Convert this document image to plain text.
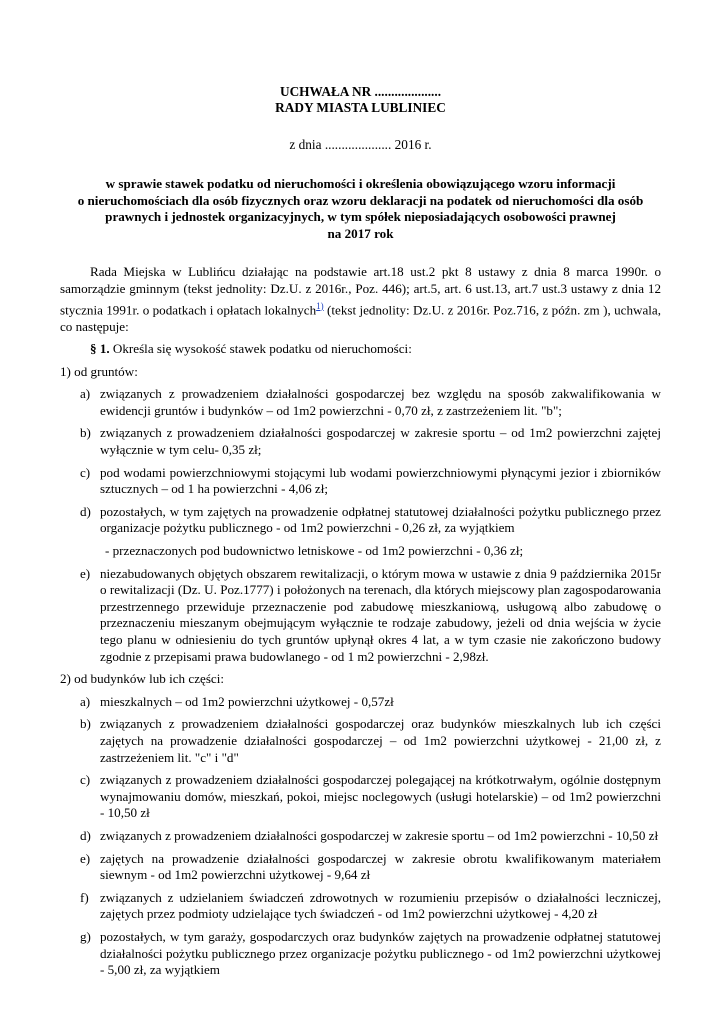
UCHWAŁA NR ....................
RADY MIASTA LUBLINIEC
z dnia .................... 2016 r.
w sprawie stawek podatku od nieruchomości i określenia obowiązującego wzoru informacji
o nieruchomościach dla osób fizycznych oraz wzoru deklaracji na podatek od nieruchomości dla osób
prawnych i jednostek organizacyjnych, w tym spółek nieposiadających osobowości prawnej
na 2017 rok
Rada Miejska w Lublińcu działając na podstawie art.18 ust.2 pkt 8 ustawy z dnia 8 marca 1990r. o samorządzie gminnym (tekst jednolity: Dz.U. z 2016r., Poz. 446); art.5, art. 6 ust.13, art.7 ust.3 ustawy z dnia 12 stycznia 1991r. o podatkach i opłatach lokalnych$^{1)}$ (tekst jednolity: Dz.U. z 2016r. Poz.716, z późn. zm ), uchwala, co następuje:
§ 1. Określa się wysokość stawek podatku od nieruchomości:
1) od gruntów:
a) związanych z prowadzeniem działalności gospodarczej bez względu na sposób zakwalifikowania w ewidencji gruntów i budynków – od 1m2 powierzchni - 0,70 zł, z zastrzeżeniem lit. "b";
b) związanych z prowadzeniem działalności gospodarczej w zakresie sportu – od 1m2 powierzchni zajętej wyłącznie w tym celu- 0,35 zł;
c) pod wodami powierzchniowymi stojącymi lub wodami powierzchniowymi płynącymi jezior i zbiorników sztucznych – od 1 ha powierzchni - 4,06 zł;
d) pozostałych, w tym zajętych na prowadzenie odpłatnej statutowej działalności pożytku publicznego przez organizacje pożytku publicznego - od 1m2 powierzchni - 0,26 zł, za wyjątkiem
- przeznaczonych pod budownictwo letniskowe - od 1m2 powierzchni - 0,36 zł;
e) niezabudowanych objętych obszarem rewitalizacji, o którym mowa w ustawie z dnia 9 października 2015r o rewitalizacji (Dz. U. Poz.1777) i położonych na terenach, dla których miejscowy plan zagospodarowania przestrzennego przewiduje przeznaczenie pod zabudowę mieszkaniową, usługową albo zabudowę o przeznaczeniu mieszanym obejmującym wyłącznie te rodzaje zabudowy, jeżeli od dnia wejścia w życie tego planu w odniesieniu do tych gruntów upłynął okres 4 lat, a w tym czasie nie zakończono budowy zgodnie z przepisami prawa budowlanego - od 1 m2 powierzchni - 2,98zł.
2) od budynków lub ich części:
a) mieszkalnych – od 1m2 powierzchni użytkowej - 0,57zł
b) związanych z prowadzeniem działalności gospodarczej oraz budynków mieszkalnych lub ich części zajętych na prowadzenie działalności gospodarczej – od 1m2 powierzchni użytkowej - 21,00 zł, z zastrzeżeniem lit. "c" i "d"
c) związanych z prowadzeniem działalności gospodarczej polegającej na krótkotrwałym, ogólnie dostępnym wynajmowaniu domów, mieszkań, pokoi, miejsc noclegowych (usługi hotelarskie) – od 1m2 powierzchni - 10,50 zł
d) związanych z prowadzeniem działalności gospodarczej w zakresie sportu – od 1m2 powierzchni - 10,50 zł
e) zajętych na prowadzenie działalności gospodarczej w zakresie obrotu kwalifikowanym materiałem siewnym - od 1m2 powierzchni użytkowej - 9,64 zł
f) związanych z udzielaniem świadczeń zdrowotnych w rozumieniu przepisów o działalności leczniczej, zajętych przez podmioty udzielające tych świadczeń - od 1m2 powierzchni użytkowej - 4,20 zł
g) pozostałych, w tym garaży, gospodarczych oraz budynków zajętych na prowadzenie odpłatnej statutowej działalności pożytku publicznego przez organizacje pożytku publicznego - od 1m2 powierzchni użytkowej - 5,00 zł, za wyjątkiem
